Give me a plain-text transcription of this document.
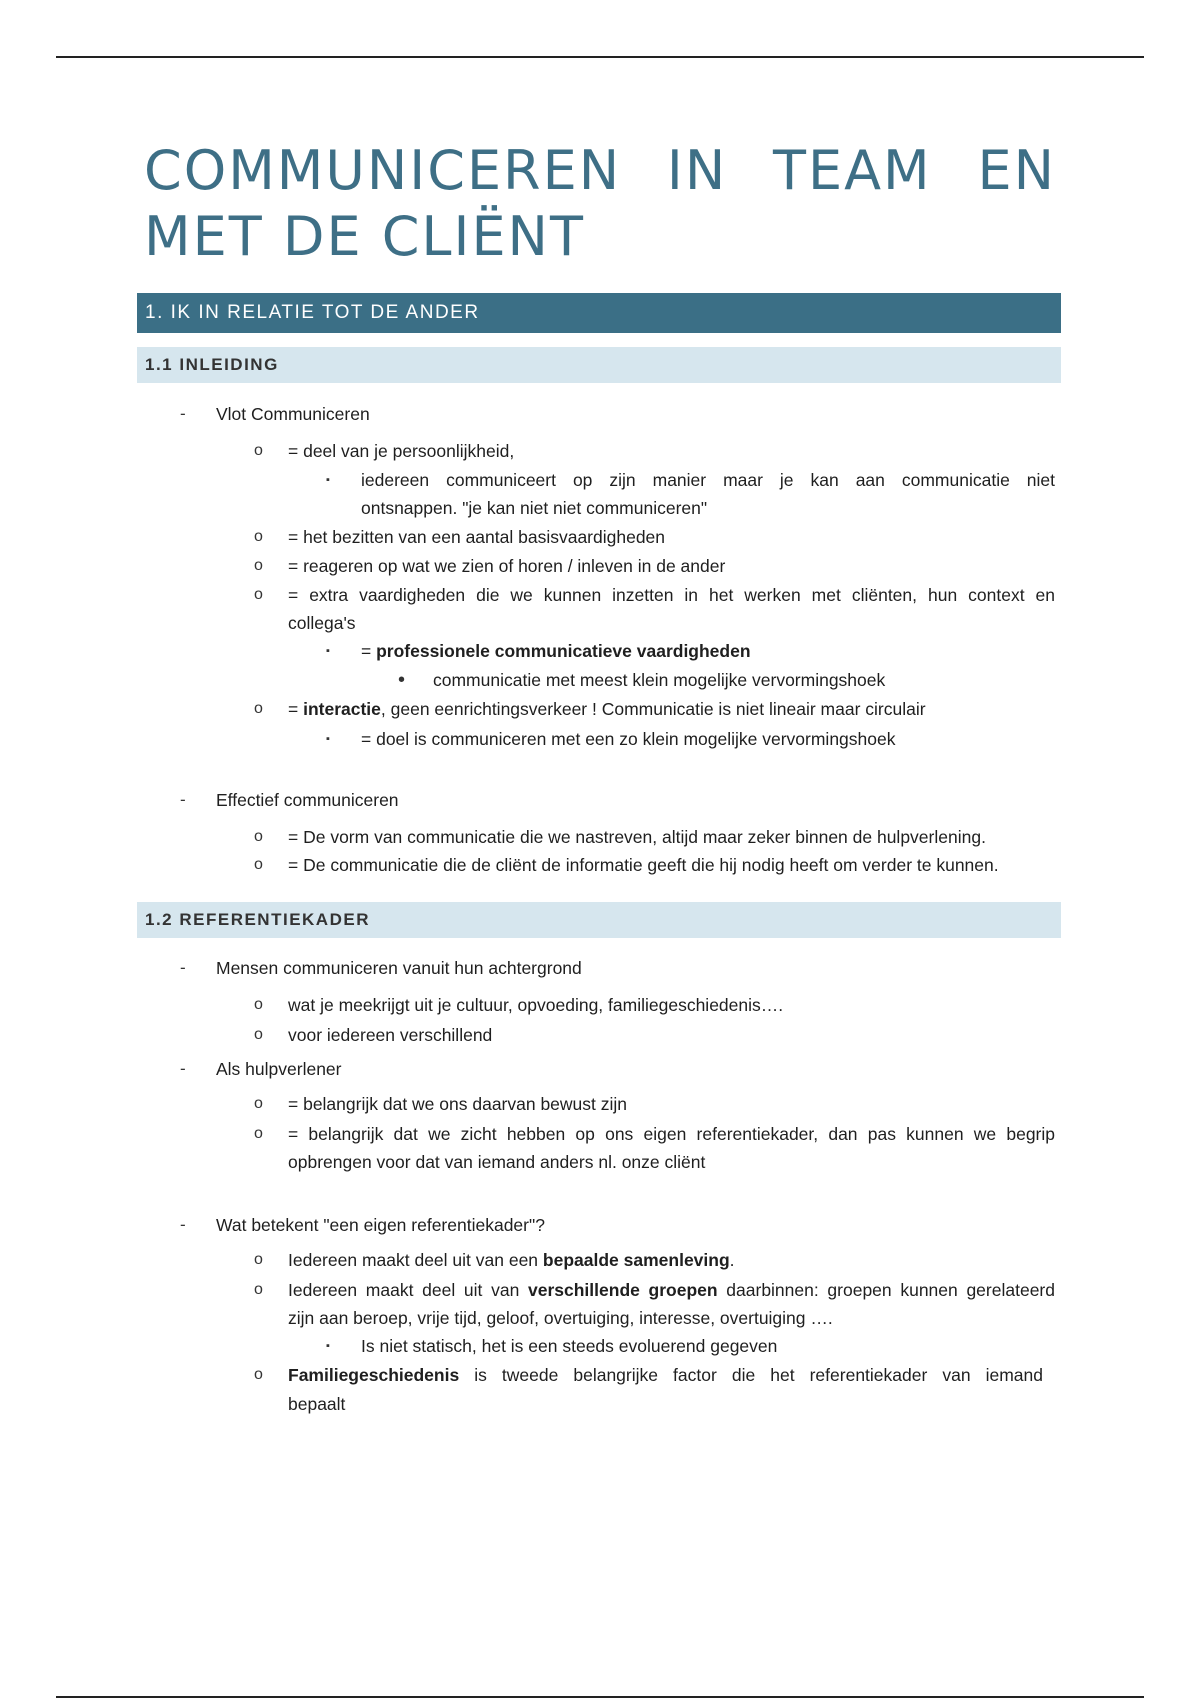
COMMUNICEREN IN TEAM EN
MET DE CLIËNT
1. IK IN RELATIE TOT DE ANDER
1.1 INLEIDING
- Vlot Communiceren
o = deel van je persoonlijkheid,
▪ iedereen communiceert op zijn manier maar je kan aan communicatie niet
ontsnappen. "je kan niet niet communiceren"
o = het bezitten van een aantal basisvaardigheden
o = reageren op wat we zien of horen / inleven in de ander
o = extra vaardigheden die we kunnen inzetten in het werken met cliënten, hun context en
collega's
▪ = professionele communicatieve vaardigheden
• communicatie met meest klein mogelijke vervormingshoek
o = interactie, geen eenrichtingsverkeer ! Communicatie is niet lineair maar circulair
▪ = doel is communiceren met een zo klein mogelijke vervormingshoek
- Effectief communiceren
o = De vorm van communicatie die we nastreven, altijd maar zeker binnen de hulpverlening.
o = De communicatie die de cliënt de informatie geeft die hij nodig heeft om verder te kunnen.
1.2 REFERENTIEKADER
- Mensen communiceren vanuit hun achtergrond
o wat je meekrijgt uit je cultuur, opvoeding, familiegeschiedenis….
o voor iedereen verschillend
- Als hulpverlener
o = belangrijk dat we ons daarvan bewust zijn
o = belangrijk dat we zicht hebben op ons eigen referentiekader, dan pas kunnen we begrip
opbrengen voor dat van iemand anders nl. onze cliënt
- Wat betekent "een eigen referentiekader"?
o Iedereen maakt deel uit van een bepaalde samenleving.
o Iedereen maakt deel uit van verschillende groepen daarbinnen: groepen kunnen gerelateerd
zijn aan beroep, vrije tijd, geloof, overtuiging, interesse, overtuiging ….
▪ Is niet statisch, het is een steeds evoluerend gegeven
o Familiegeschiedenis is tweede belangrijke factor die het referentiekader van iemand
bepaalt
